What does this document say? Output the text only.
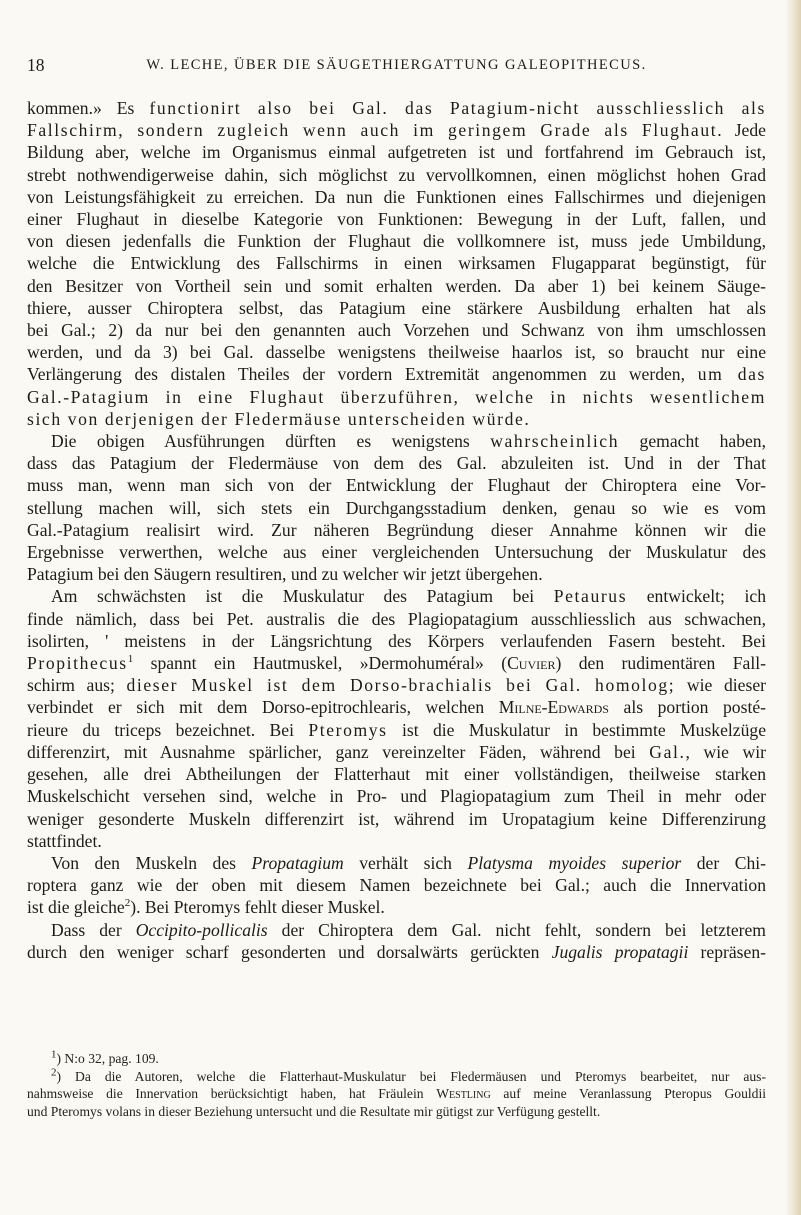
18	W. LECHE, ÜBER DIE SÄUGETHIERGATTUNG GALEOPITHECUS.
kommen.» Es functionirt also bei Gal. das Patagium-nicht ausschliesslich als
Fallschirm, sondern zugleich wenn auch im geringem Grade als Flughaut. Jede
Bildung aber, welche im Organismus einmal aufgetreten ist und fortfahrend im Gebrauch ist,
strebt nothwendigerweise dahin, sich möglichst zu vervollkomnen, einen möglichst hohen Grad
von Leistungsfähigkeit zu erreichen. Da nun die Funktionen eines Fallschirmes und diejenigen
einer Flughaut in dieselbe Kategorie von Funktionen: Bewegung in der Luft, fallen, und
von diesen jedenfalls die Funktion der Flughaut die vollkomnere ist, muss jede Umbildung,
welche die Entwicklung des Fallschirms in einen wirksamen Flugapparat begünstigt, für
den Besitzer von Vortheil sein und somit erhalten werden. Da aber 1) bei keinem Säuge-
thiere, ausser Chiroptera selbst, das Patagium eine stärkere Ausbildung erhalten hat als
bei Gal.; 2) da nur bei den genannten auch Vorzehen und Schwanz von ihm umschlossen
werden, und da 3) bei Gal. dasselbe wenigstens theilweise haarlos ist, so braucht nur eine
Verlängerung des distalen Theiles der vordern Extremität angenommen zu werden, um das
Gal.-Patagium in eine Flughaut überzuführen, welche in nichts wesentlichem
sich von derjenigen der Fledermäuse unterscheiden würde.
Die obigen Ausführungen dürften es wenigstens wahrscheinlich gemacht haben,
dass das Patagium der Fledermäuse von dem des Gal. abzuleiten ist. Und in der That
muss man, wenn man sich von der Entwicklung der Flughaut der Chiroptera eine Vor-
stellung machen will, sich stets ein Durchgangsstadium denken, genau so wie es vom
Gal.-Patagium realisirt wird. Zur näheren Begründung dieser Annahme können wir die
Ergebnisse verwerthen, welche aus einer vergleichenden Untersuchung der Muskulatur des
Patagium bei den Säugern resultiren, und zu welcher wir jetzt übergehen.
Am schwächsten ist die Muskulatur des Patagium bei Petaurus entwickelt; ich
finde nämlich, dass bei Pet. australis die des Plagiopatagium ausschliesslich aus schwachen,
isolirten, ' meistens in der Längsrichtung des Körpers verlaufenden Fasern besteht. Bei
Propithecus$^1$ spannt ein Hautmuskel, »Dermohuméral» (Cuvier) den rudimentären Fall-
schirm aus; dieser Muskel ist dem Dorso-brachialis bei Gal. homolog; wie dieser
verbindet er sich mit dem Dorso-epitrochlearis, welchen Milne-Edwards als portion posté-
rieure du triceps bezeichnet. Bei Pteromys ist die Muskulatur in bestimmte Muskelzüge
differenzirt, mit Ausnahme spärlicher, ganz vereinzelter Fäden, während bei Gal., wie wir
gesehen, alle drei Abtheilungen der Flatterhaut mit einer vollständigen, theilweise starken
Muskelschicht versehen sind, welche in Pro- und Plagiopatagium zum Theil in mehr oder
weniger gesonderte Muskeln differenzirt ist, während im Uropatagium keine Differenzirung
stattfindet.
Von den Muskeln des Propatagium verhält sich Platysma myoides superior der Chi-
roptera ganz wie der oben mit diesem Namen bezeichnete bei Gal.; auch die Innervation
ist die gleiche$^2$). Bei Pteromys fehlt dieser Muskel.
Dass der Occipito-pollicalis der Chiroptera dem Gal. nicht fehlt, sondern bei letzterem
durch den weniger scharf gesonderten und dorsalwärts gerückten Jugalis propatagii repräsen-
$^1$) N:o 32, pag. 109.
$^2$) Da die Autoren, welche die Flatterhaut-Muskulatur bei Fledermäusen und Pteromys bearbeitet, nur aus-
nahmsweise die Innervation berücksichtigt haben, hat Fräulein Westling auf meine Veranlassung Pteropus Gouldii
und Pteromys volans in dieser Beziehung untersucht und die Resultate mir gütigst zur Verfügung gestellt.
